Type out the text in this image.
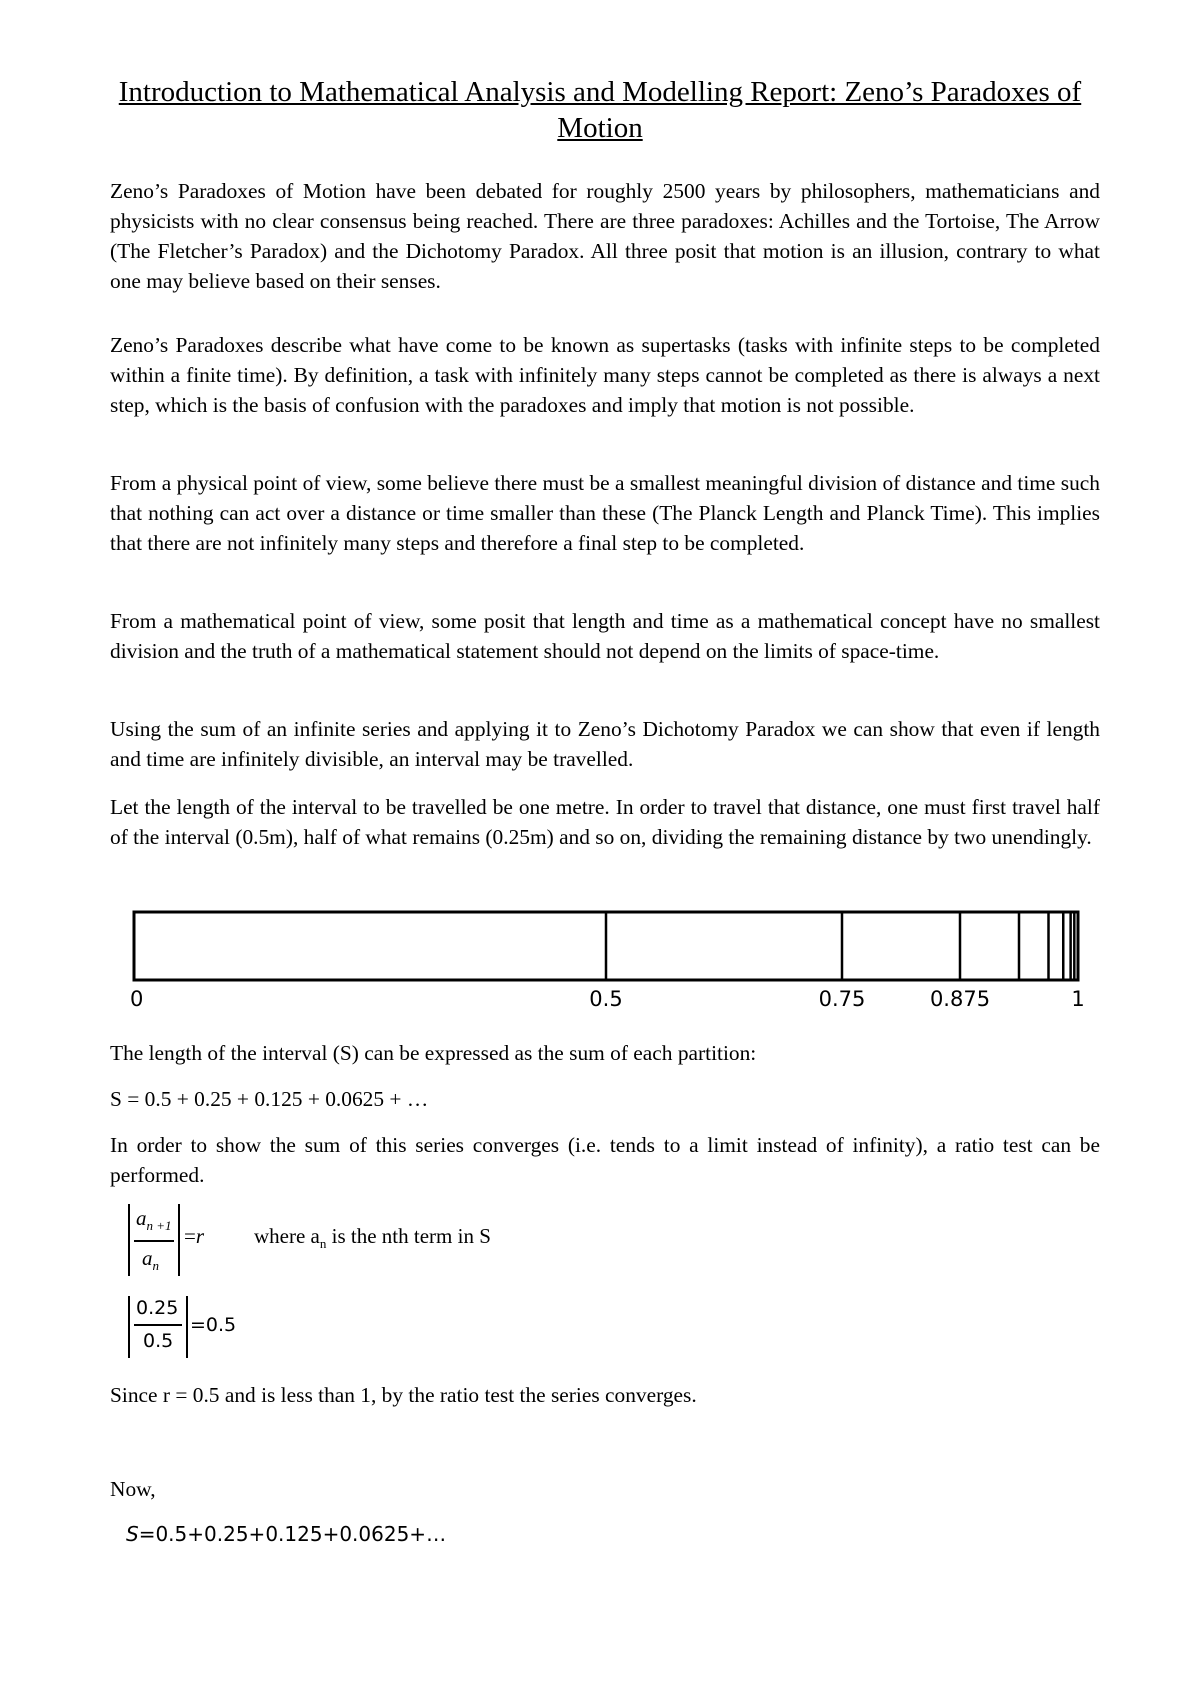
Introduction to Mathematical Analysis and Modelling Report: Zeno’s Paradoxes of Motion

Zeno’s Paradoxes of Motion have been debated for roughly 2500 years by philosophers, mathematicians and physicists with no clear consensus being reached. There are three paradoxes: Achilles and the Tortoise, The Arrow (The Fletcher’s Paradox) and the Dichotomy Paradox. All three posit that motion is an illusion, contrary to what one may believe based on their senses.

Zeno’s Paradoxes describe what have come to be known as supertasks (tasks with infinite steps to be completed within a finite time). By definition, a task with infinitely many steps cannot be completed as there is always a next step, which is the basis of confusion with the paradoxes and imply that motion is not possible.

From a physical point of view, some believe there must be a smallest meaningful division of distance and time such that nothing can act over a distance or time smaller than these (The Planck Length and Planck Time). This implies that there are not infinitely many steps and therefore a final step to be completed.

From a mathematical point of view, some posit that length and time as a mathematical concept have no smallest division and the truth of a mathematical statement should not depend on the limits of space-time.

Using the sum of an infinite series and applying it to Zeno’s Dichotomy Paradox we can show that even if length and time are infinitely divisible, an interval may be travelled.

Let the length of the interval to be travelled be one metre. In order to travel that distance, one must first travel half of the interval (0.5m), half of what remains (0.25m) and so on, dividing the remaining distance by two unendingly.

0	0.5	0.75	0.875	1

The length of the interval (S) can be expressed as the sum of each partition:

S = 0.5 + 0.25 + 0.125 + 0.0625 + …

In order to show the sum of this series converges (i.e. tends to a limit instead of infinity), a ratio test can be performed.

$a_{n +1}$
$a_n$
=r where $a_n$ is the nth term in S
0.25
0.5
=0.5

Since r = 0.5 and is less than 1, by the ratio test the series converges.

Now,

S=0.5+0.25+0.125+0.0625+…
